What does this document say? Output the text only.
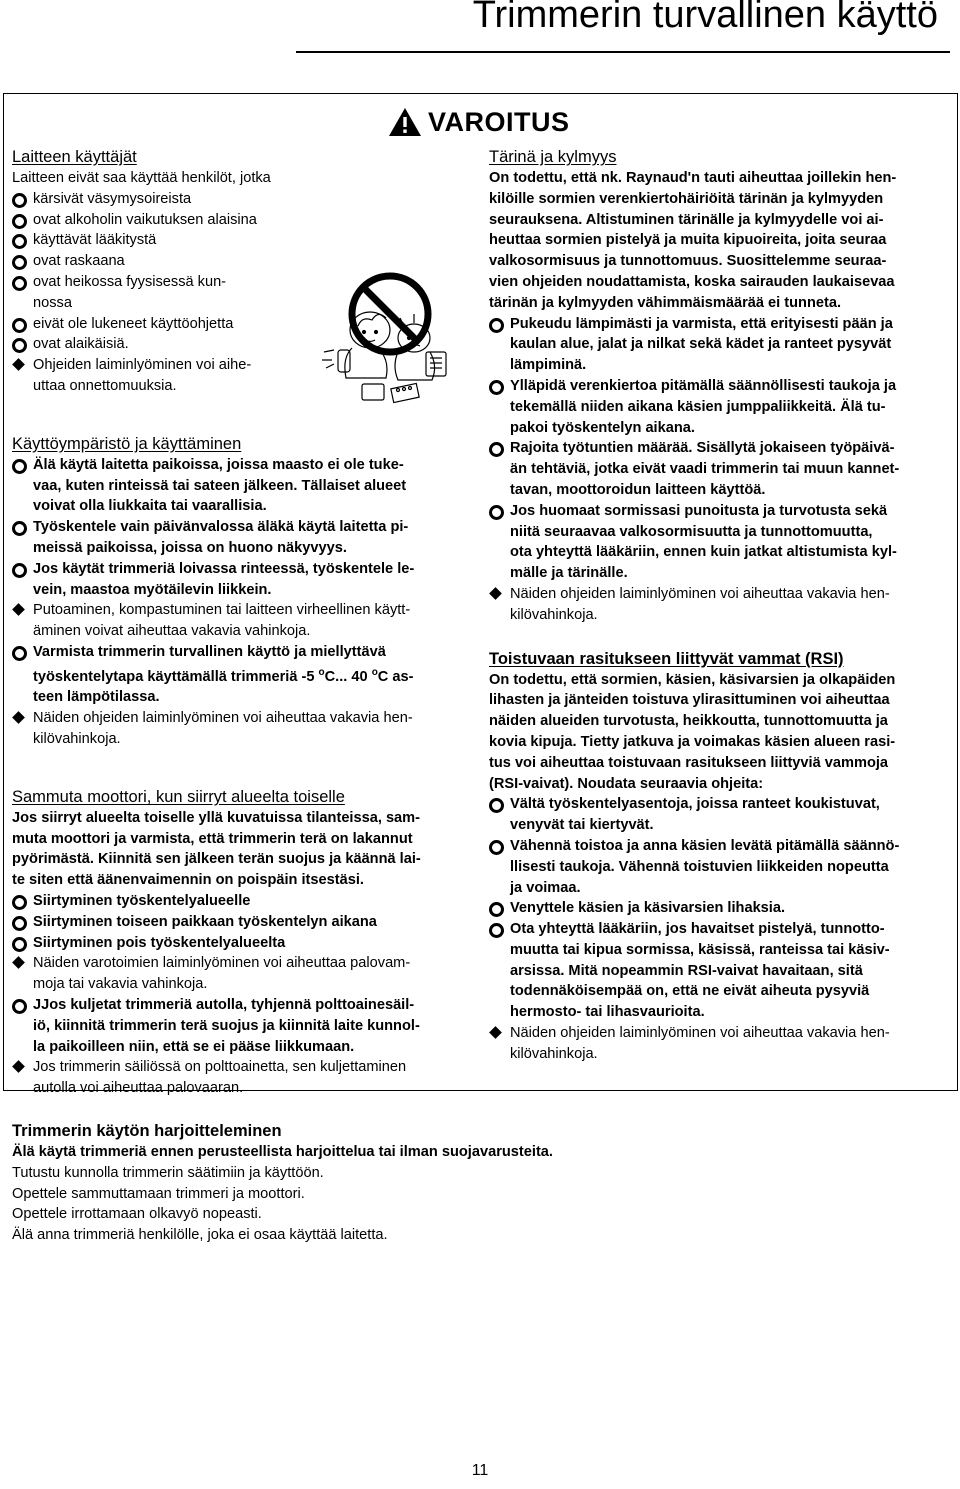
Trimmerin turvallinen käyttö
VAROITUS
Laitteen käyttäjät
Laitteen eivät saa käyttää henkilöt, jotka
kärsivät väsymysoireista
ovat alkoholin vaikutuksen alaisina
käyttävät lääkitystä
ovat raskaana
ovat heikossa fyysisessä kun-
nossa
eivät ole lukeneet käyttöohjetta
ovat alaikäisiä.
Ohjeiden laiminlyöminen voi aihe-
uttaa onnettomuuksia.
Käyttöympäristö ja käyttäminen
Älä käytä laitetta paikoissa, joissa maasto ei ole tuke-
vaa, kuten rinteissä tai sateen jälkeen. Tällaiset alueet
voivat olla liukkaita tai vaarallisia.
Työskentele vain päivänvalossa äläkä käytä laitetta pi-
meissä paikoissa, joissa on huono näkyvyys.
Jos käytät trimmeriä loivassa rinteessä, työskentele le-
vein, maastoa myötäilevin liikkein.
Putoaminen, kompastuminen tai laitteen virheellinen käytt-
äminen voivat aiheuttaa vakavia vahinkoja.
Varmista trimmerin turvallinen käyttö ja miellyttävä
työskentelytapa käyttämällä trimmeriä -5 $^o$C... 40 $^o$C as-
teen lämpötilassa.
Näiden ohjeiden laiminlyöminen voi aiheuttaa vakavia hen-
kilövahinkoja.
Sammuta moottori, kun siirryt alueelta toiselle
Jos siirryt alueelta toiselle yllä kuvatuissa tilanteissa, sam-
muta moottori ja varmista, että trimmerin terä on lakannut
pyörimästä. Kiinnitä sen jälkeen terän suojus ja käännä lai-
te siten että äänenvaimennin on poispäin itsestäsi.
Siirtyminen työskentelyalueelle
Siirtyminen toiseen paikkaan työskentelyn aikana
Siirtyminen pois työskentelyalueelta
Näiden varotoimien laiminlyöminen voi aiheuttaa palovam-
moja tai vakavia vahinkoja.
JJos kuljetat trimmeriä autolla, tyhjennä polttoainesäil-
iö, kiinnitä trimmerin terä suojus ja kiinnitä laite kunnol-
la paikoilleen niin, että se ei pääse liikkumaan.
Jos trimmerin säiliössä on polttoainetta, sen kuljettaminen
autolla voi aiheuttaa palovaaran.
Tärinä ja kylmyys
On todettu, että nk. Raynaud'n tauti aiheuttaa joillekin hen-
kilöille sormien verenkiertohäiriöitä tärinän ja kylmyyden
seurauksena. Altistuminen tärinälle ja kylmyydelle voi ai-
heuttaa sormien pistelyä ja muita kipuoireita, joita seuraa
valkosormisuus ja tunnottomuus. Suosittelemme seuraa-
vien ohjeiden noudattamista, koska sairauden laukaisevaa
tärinän ja kylmyyden vähimmäismäärää ei tunneta.
Pukeudu lämpimästi ja varmista, että erityisesti pään ja
kaulan alue, jalat ja nilkat sekä kädet ja ranteet pysyvät
lämpiminä.
Ylläpidä verenkiertoa pitämällä säännöllisesti taukoja ja
tekemällä niiden aikana käsien jumppaliikkeitä. Älä tu-
pakoi työskentelyn aikana.
Rajoita työtuntien määrää. Sisällytä jokaiseen työpäivä-
än tehtäviä, jotka eivät vaadi trimmerin tai muun kannet-
tavan, moottoroidun laitteen käyttöä.
Jos huomaat sormissasi punoitusta ja turvotusta sekä
niitä seuraavaa valkosormisuutta ja tunnottomuutta,
ota yhteyttä lääkäriin, ennen kuin jatkat altistumista kyl-
mälle ja tärinälle.
Näiden ohjeiden laiminlyöminen voi aiheuttaa vakavia hen-
kilövahinkoja.
Toistuvaan rasitukseen liittyvät vammat (RSI)
On todettu, että sormien, käsien, käsivarsien ja olkapäiden
lihasten ja jänteiden toistuva ylirasittuminen voi aiheuttaa
näiden alueiden turvotusta, heikkoutta, tunnottomuutta ja
kovia kipuja. Tietty jatkuva ja voimakas käsien alueen rasi-
tus voi aiheuttaa toistuvaan rasitukseen liittyviä vammoja
(RSI-vaivat). Noudata seuraavia ohjeita:
Vältä työskentelyasentoja, joissa ranteet koukistuvat,
venyvät tai kiertyvät.
Vähennä toistoa ja anna käsien levätä pitämällä säännö-
llisesti taukoja. Vähennä toistuvien liikkeiden nopeutta
ja voimaa.
Venyttele käsien ja käsivarsien lihaksia.
Ota yhteyttä lääkäriin, jos havaitset pistelyä, tunnotto-
muutta tai kipua sormissa, käsissä, ranteissa tai käsiv-
arsissa. Mitä nopeammin RSI-vaivat havaitaan, sitä
todennäköisempää on, että ne eivät aiheuta pysyviä
hermosto- tai lihasvaurioita.
Näiden ohjeiden laiminlyöminen voi aiheuttaa vakavia hen-
kilövahinkoja.
Trimmerin käytön harjoitteleminen
Älä käytä trimmeriä ennen perusteellista harjoittelua tai ilman suojavarusteita.
Tutustu kunnolla trimmerin säätimiin ja käyttöön.
Opettele sammuttamaan trimmeri ja moottori.
Opettele irrottamaan olkavyö nopeasti.
Älä anna trimmeriä henkilölle, joka ei osaa käyttää laitetta.
11
